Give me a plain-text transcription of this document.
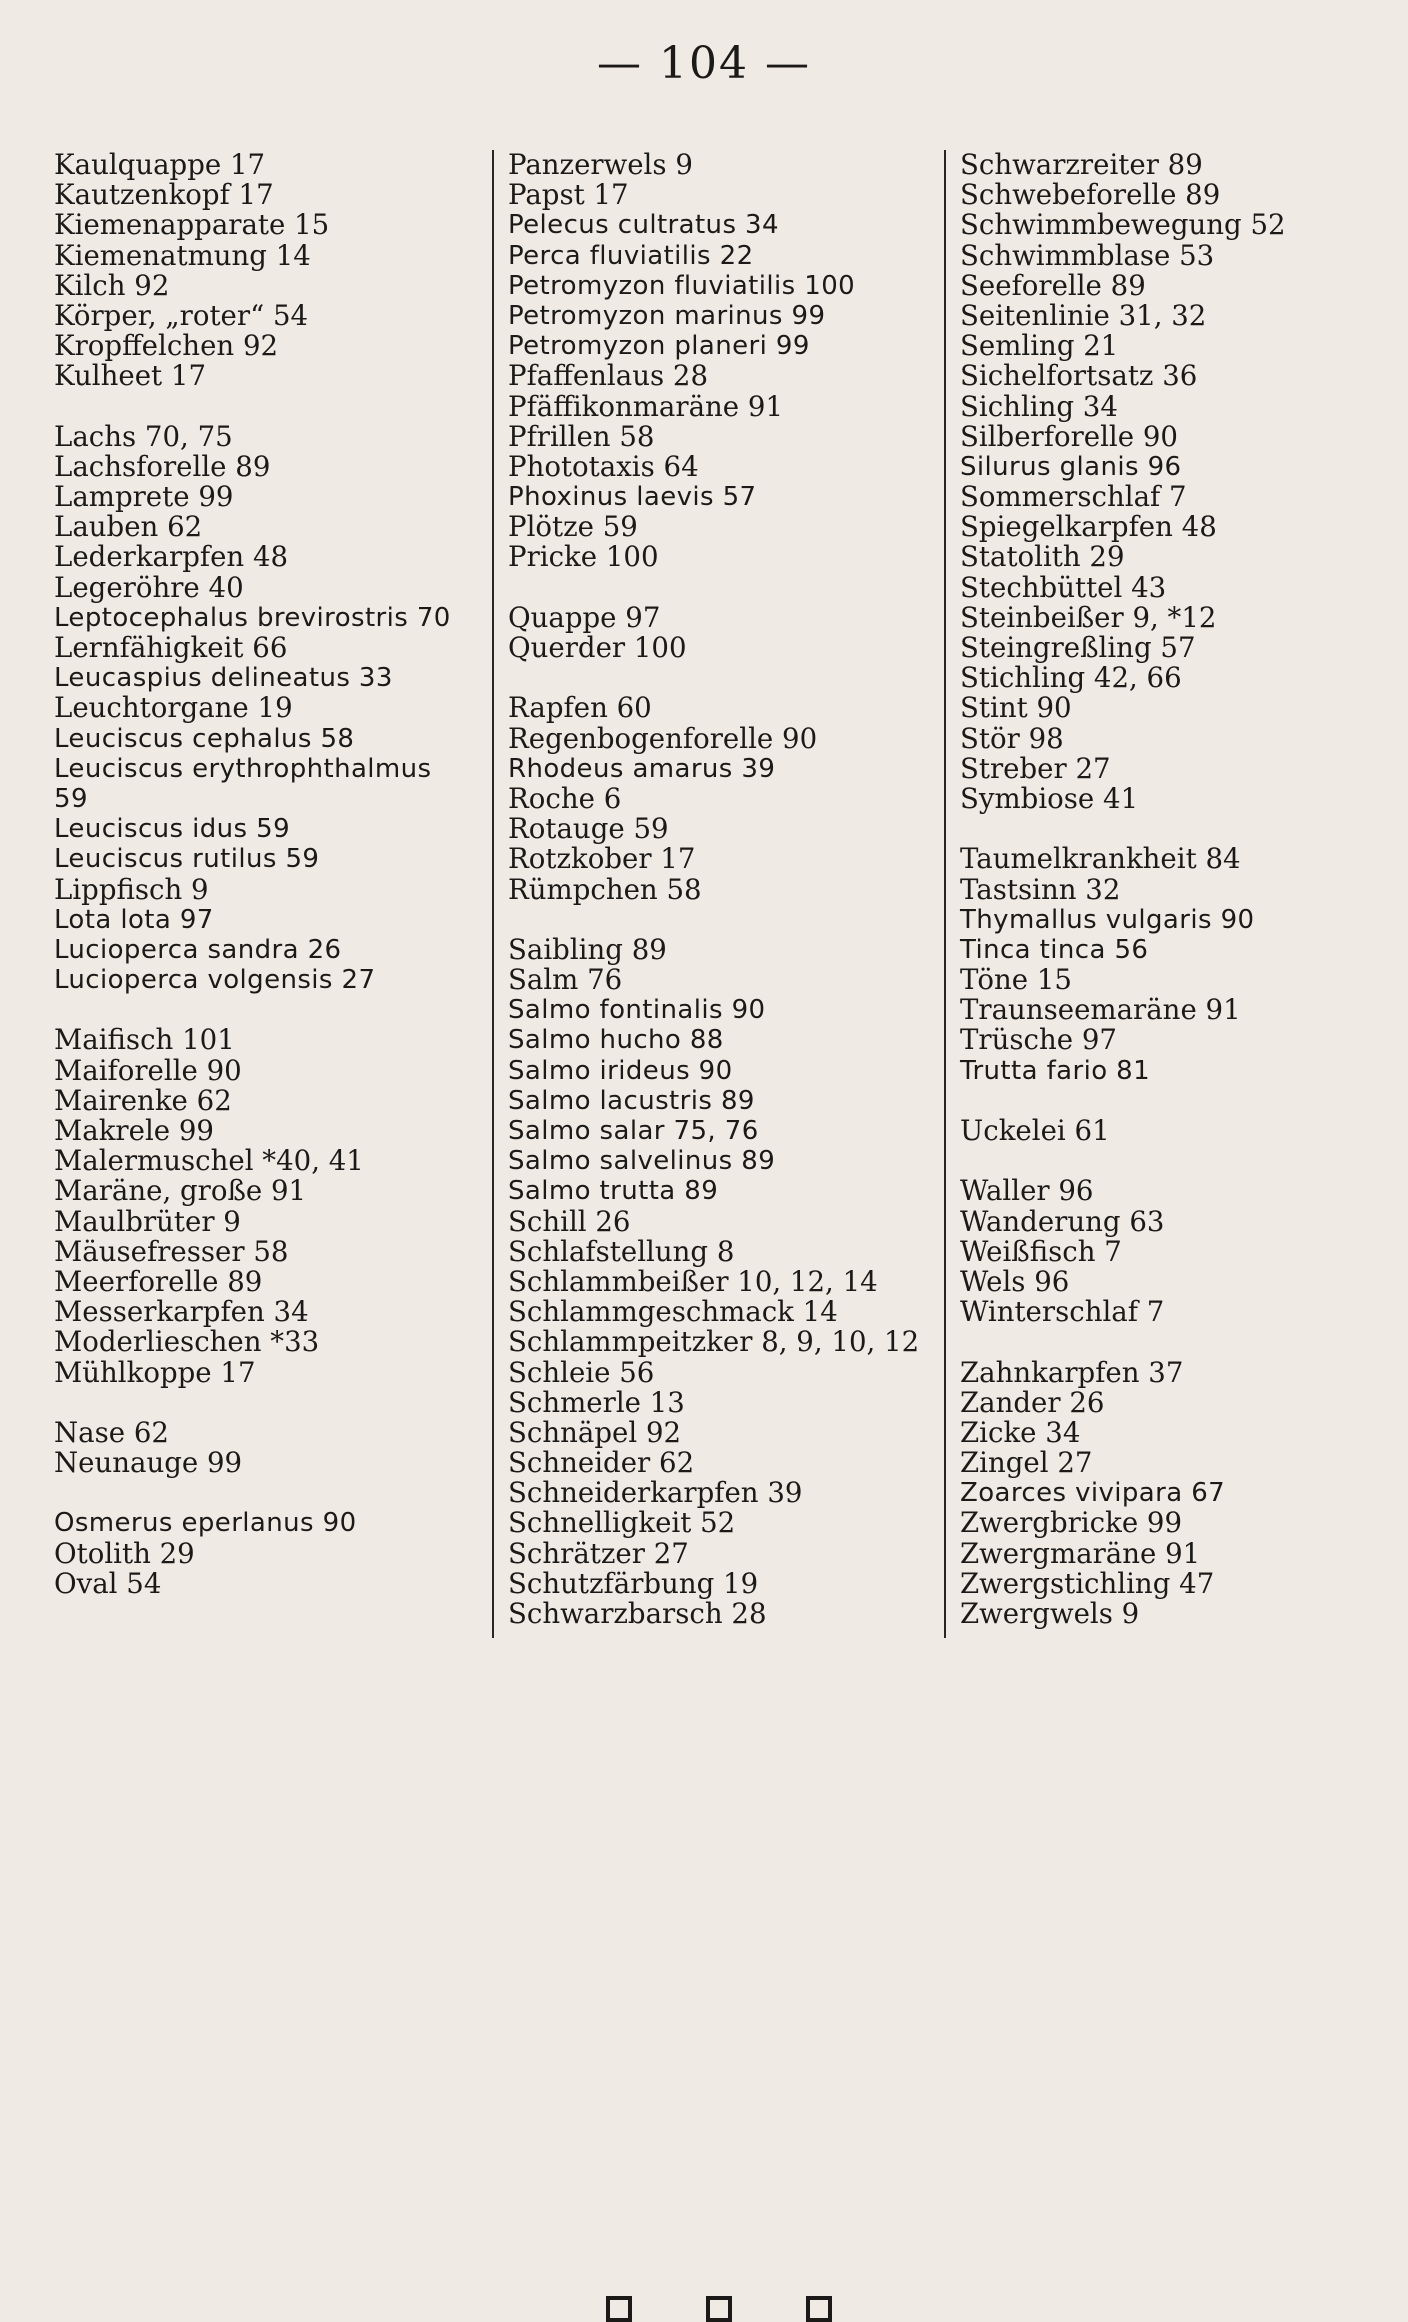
— 104 —
Kaulquappe 17
Kautzenkopf 17
Kiemenapparate 15
Kiemenatmung 14
Kilch 92
Körper, „roter“ 54
Kropffelchen 92
Kulheet 17
Lachs 70, 75
Lachsforelle 89
Lamprete 99
Lauben 62
Lederkarpfen 48
Legeröhre 40
Leptocephalus brevirostris 70
Lernfähigkeit 66
Leucaspius delineatus 33
Leuchtorgane 19
Leuciscus cephalus 58
Leuciscus erythrophthalmus
59
Leuciscus idus 59
Leuciscus rutilus 59
Lippfisch 9
Lota lota 97
Lucioperca sandra 26
Lucioperca volgensis 27
Maifisch 101
Maiforelle 90
Mairenke 62
Makrele 99
Malermuschel *40, 41
Maräne, große 91
Maulbrüter 9
Mäusefresser 58
Meerforelle 89
Messerkarpfen 34
Moderlieschen *33
Mühlkoppe 17
Nase 62
Neunauge 99
Osmerus eperlanus 90
Otolith 29
Oval 54
Panzerwels 9
Papst 17
Pelecus cultratus 34
Perca fluviatilis 22
Petromyzon fluviatilis 100
Petromyzon marinus 99
Petromyzon planeri 99
Pfaffenlaus 28
Pfäffikonmaräne 91
Pfrillen 58
Phototaxis 64
Phoxinus laevis 57
Plötze 59
Pricke 100
Quappe 97
Querder 100
Rapfen 60
Regenbogenforelle 90
Rhodeus amarus 39
Roche 6
Rotauge 59
Rotzkober 17
Rümpchen 58
Saibling 89
Salm 76
Salmo fontinalis 90
Salmo hucho 88
Salmo irideus 90
Salmo lacustris 89
Salmo salar 75, 76
Salmo salvelinus 89
Salmo trutta 89
Schill 26
Schlafstellung 8
Schlammbeißer 10, 12, 14
Schlammgeschmack 14
Schlammpeitzker 8, 9, 10, 12
Schleie 56
Schmerle 13
Schnäpel 92
Schneider 62
Schneiderkarpfen 39
Schnelligkeit 52
Schrätzer 27
Schutzfärbung 19
Schwarzbarsch 28
Schwarzreiter 89
Schwebeforelle 89
Schwimmbewegung 52
Schwimmblase 53
Seeforelle 89
Seitenlinie 31, 32
Semling 21
Sichelfortsatz 36
Sichling 34
Silberforelle 90
Silurus glanis 96
Sommerschlaf 7
Spiegelkarpfen 48
Statolith 29
Stechbüttel 43
Steinbeißer 9, *12
Steingreßling 57
Stichling 42, 66
Stint 90
Stör 98
Streber 27
Symbiose 41
Taumelkrankheit 84
Tastsinn 32
Thymallus vulgaris 90
Tinca tinca 56
Töne 15
Traunseemaräne 91
Trüsche 97
Trutta fario 81
Uckelei 61
Waller 96
Wanderung 63
Weißfisch 7
Wels 96
Winterschlaf 7
Zahnkarpfen 37
Zander 26
Zicke 34
Zingel 27
Zoarces vivipara 67
Zwergbricke 99
Zwergmaräne 91
Zwergstichling 47
Zwergwels 9
